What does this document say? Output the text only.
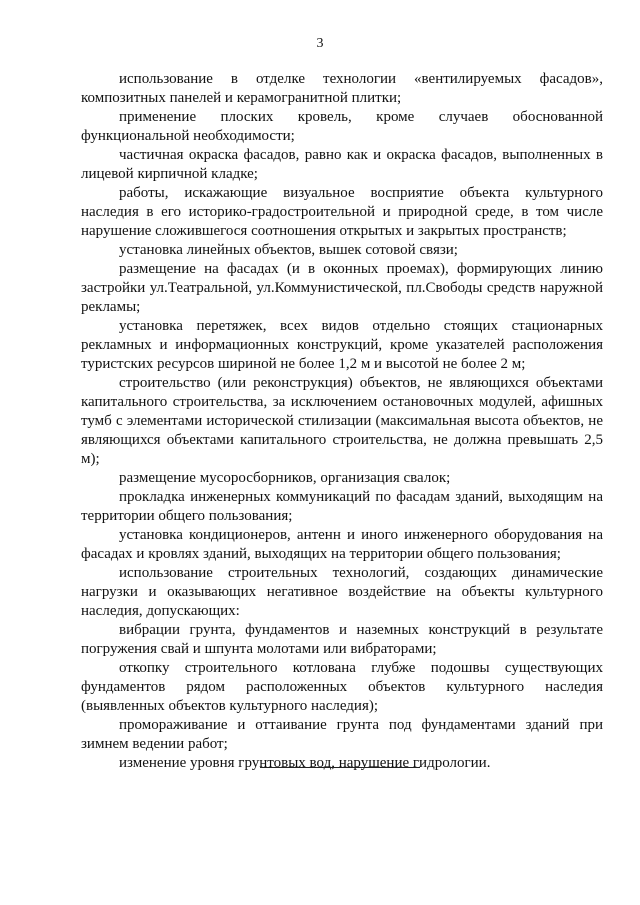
3

использование в отделке технологии «вентилируемых фасадов», композитных панелей и керамогранитной плитки;

применение плоских кровель, кроме случаев обоснованной функциональной необходимости;

частичная окраска фасадов, равно как и окраска фасадов, выполненных в лицевой кирпичной кладке;

работы, искажающие визуальное восприятие объекта культурного наследия в его историко-градостроительной и природной среде, в том числе нарушение сложившегося соотношения открытых и закрытых пространств;

установка линейных объектов, вышек сотовой связи;

размещение на фасадах (и в оконных проемах), формирующих линию застройки ул.Театральной, ул.Коммунистической, пл.Свободы средств наружной рекламы;

установка перетяжек, всех видов отдельно стоящих стационарных рекламных и информационных конструкций, кроме указателей расположения туристских ресурсов шириной не более 1,2 м и высотой не более 2 м;

строительство (или реконструкция) объектов, не являющихся объектами капитального строительства, за исключением остановочных модулей, афишных тумб с элементами исторической стилизации (максимальная высота объектов, не являющихся объектами капитального строительства, не должна превышать 2,5 м);

размещение мусоросборников, организация свалок;

прокладка инженерных коммуникаций по фасадам зданий, выходящим на территории общего пользования;

установка кондиционеров, антенн и иного инженерного оборудования на фасадах и кровлях зданий, выходящих на территории общего пользования;

использование строительных технологий, создающих динамические нагрузки и оказывающих негативное воздействие на объекты культурного наследия, допускающих:

вибрации грунта, фундаментов и наземных конструкций в результате погружения свай и шпунта молотами или вибраторами;

откопку строительного котлована глубже подошвы существующих фундаментов рядом расположенных объектов культурного наследия (выявленных объектов культурного наследия);

промораживание и оттаивание грунта под фундаментами зданий при зимнем ведении работ;

изменение уровня грунтовых вод, нарушение гидрологии.
